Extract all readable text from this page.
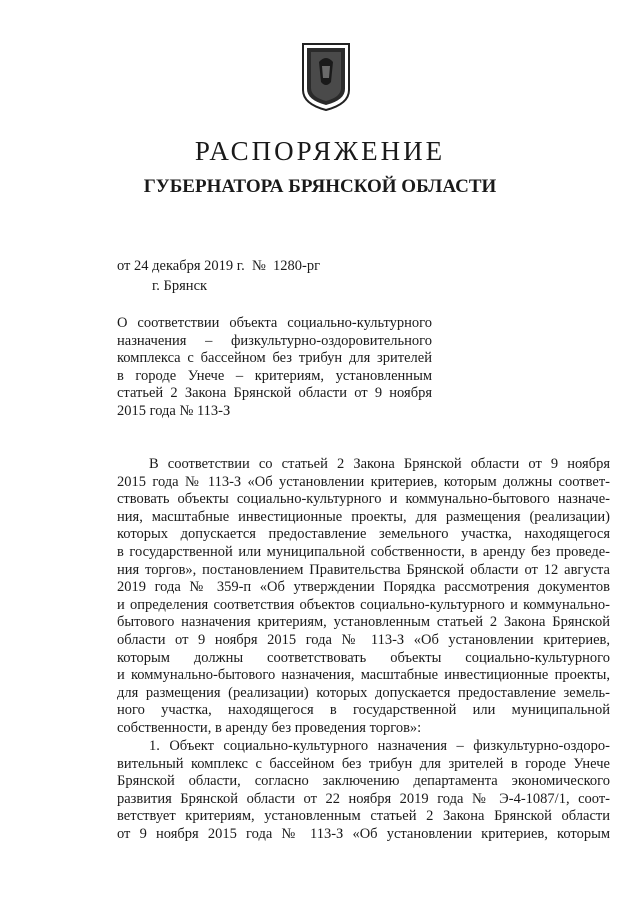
РАСПОРЯЖЕНИЕ
ГУБЕРНАТОРА БРЯНСКОЙ ОБЛАСТИ
от 24 декабря 2019 г.  №  1280-рг
г. Брянск
О соответствии объекта социально-культурного
назначения – физкультурно-оздоровительного
комплекса с бассейном без трибун для зрителей
в городе Унече – критериям, установленным
статьей 2 Закона Брянской области от 9 ноября
2015 года № 113-З
В соответствии со статьей 2 Закона Брянской области от 9 ноября
2015 года № 113-З «Об установлении критериев, которым должны соответ-
ствовать объекты социально-культурного и коммунально-бытового назначе-
ния, масштабные инвестиционные проекты, для размещения (реализации)
которых допускается предоставление земельного участка, находящегося
в государственной или муниципальной собственности, в аренду без проведе-
ния торгов», постановлением Правительства Брянской области от 12 августа
2019 года № 359-п «Об утверждении Порядка рассмотрения документов
и определения соответствия объектов социально-культурного и коммунально-
бытового назначения критериям, установленным статьей 2 Закона Брянской
области от 9 ноября 2015 года № 113-З «Об установлении критериев,
которым должны соответствовать объекты социально-культурного
и коммунально-бытового назначения, масштабные инвестиционные проекты,
для размещения (реализации) которых допускается предоставление земель-
ного участка, находящегося в государственной или муниципальной
собственности, в аренду без проведения торгов»:
1. Объект социально-культурного назначения – физкультурно-оздоро-
вительный комплекс с бассейном без трибун для зрителей в городе Унече
Брянской области, согласно заключению департамента экономического
развития Брянской области от 22 ноября 2019 года № Э-4-1087/1, соот-
ветствует критериям, установленным статьей 2 Закона Брянской области
от 9 ноября 2015 года № 113-З «Об установлении критериев, которым
